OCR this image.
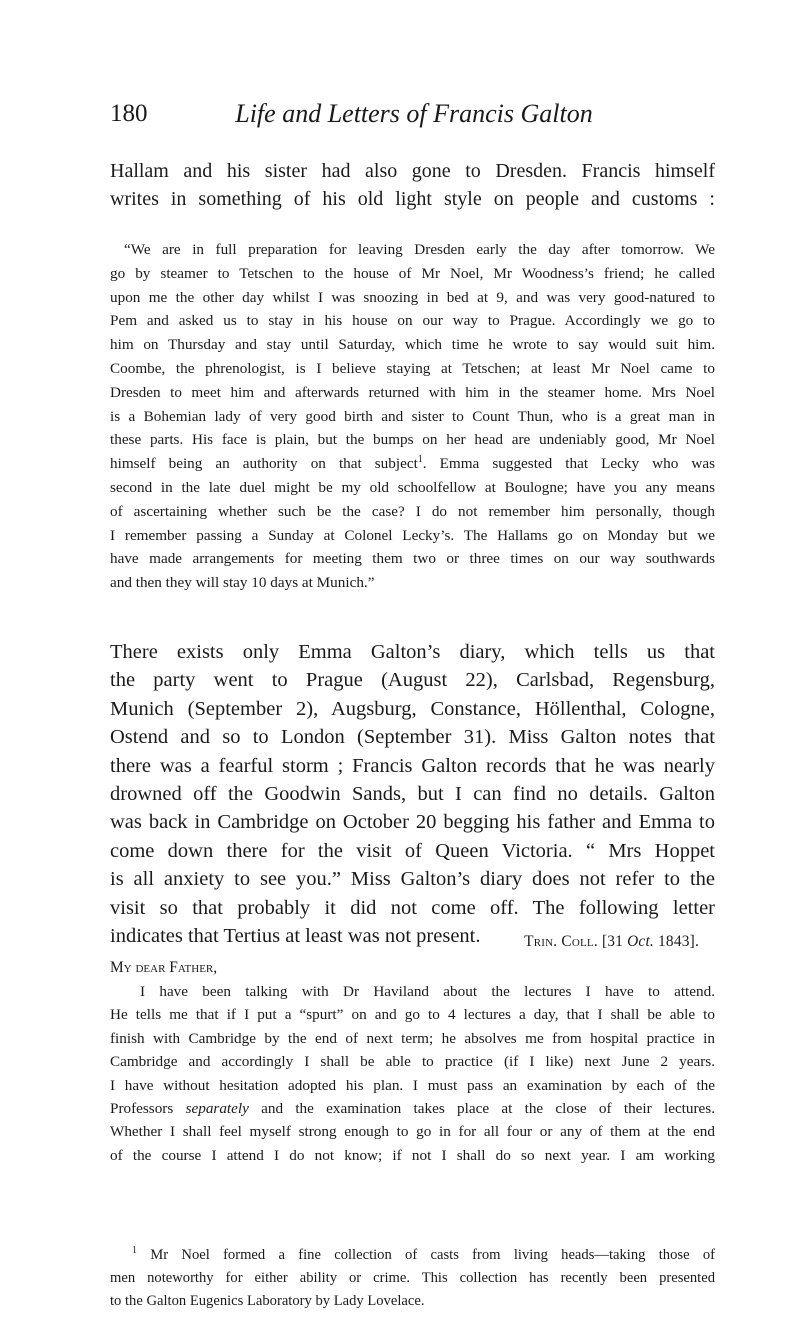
180	Life and Letters of Francis Galton
Hallam and his sister had also gone to Dresden. Francis himself
writes in something of his old light style on people and customs :
“We are in full preparation for leaving Dresden early the day after tomorrow. We
go by steamer to Tetschen to the house of Mr Noel, Mr Woodness’s friend; he called
upon me the other day whilst I was snoozing in bed at 9, and was very good-natured to
Pem and asked us to stay in his house on our way to Prague. Accordingly we go to
him on Thursday and stay until Saturday, which time he wrote to say would suit him.
Coombe, the phrenologist, is I believe staying at Tetschen; at least Mr Noel came to
Dresden to meet him and afterwards returned with him in the steamer home. Mrs Noel
is a Bohemian lady of very good birth and sister to Count Thun, who is a great man in
these parts. His face is plain, but the bumps on her head are undeniably good, Mr Noel
himself being an authority on that subject$^1$. Emma suggested that Lecky who was
second in the late duel might be my old schoolfellow at Boulogne; have you any means
of ascertaining whether such be the case? I do not remember him personally, though
I remember passing a Sunday at Colonel Lecky’s. The Hallams go on Monday but we
have made arrangements for meeting them two or three times on our way southwards
and then they will stay 10 days at Munich.”
There exists only Emma Galton’s diary, which tells us that
the party went to Prague (August 22), Carlsbad, Regensburg,
Munich (September 2), Augsburg, Constance, Höllenthal, Cologne,
Ostend and so to London (September 31). Miss Galton notes that
there was a fearful storm ; Francis Galton records that he was nearly
drowned off the Goodwin Sands, but I can find no details. Galton
was back in Cambridge on October 20 begging his father and Emma to
come down there for the visit of Queen Victoria. “ Mrs Hoppet
is all anxiety to see you.” Miss Galton’s diary does not refer to the
visit so that probably it did not come off. The following letter
indicates that Tertius at least was not present.	Trin. Coll. [31 Oct. 1843].
My dear Father,
I have been talking with Dr Haviland about the lectures I have to attend.
He tells me that if I put a “spurt” on and go to 4 lectures a day, that I shall be able to
finish with Cambridge by the end of next term; he absolves me from hospital practice in
Cambridge and accordingly I shall be able to practice (if I like) next June 2 years.
I have without hesitation adopted his plan. I must pass an examination by each of the
Professors separately and the examination takes place at the close of their lectures.
Whether I shall feel myself strong enough to go in for all four or any of them at the end
of the course I attend I do not know; if not I shall do so next year. I am working
$^1$ Mr Noel formed a fine collection of casts from living heads—taking those of
men noteworthy for either ability or crime. This collection has recently been presented
to the Galton Eugenics Laboratory by Lady Lovelace.
